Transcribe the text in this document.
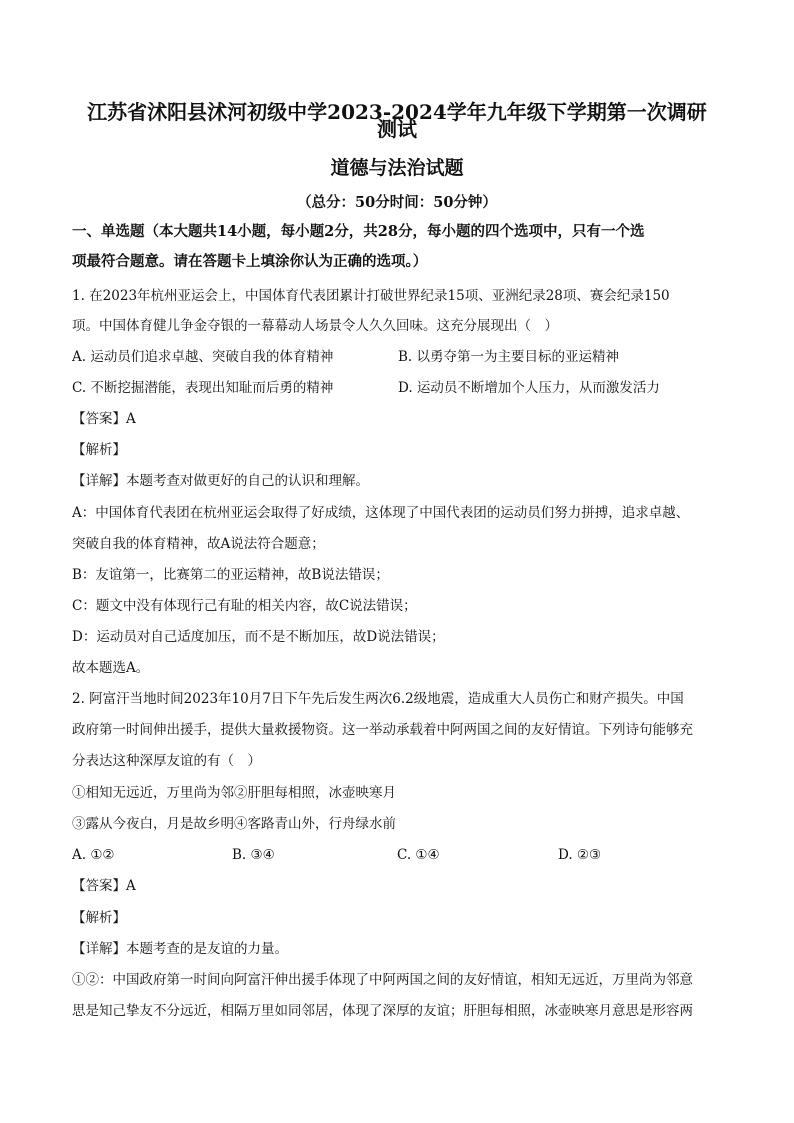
江苏省沭阳县沭河初级中学2023-2024学年九年级下学期第一次调研
测试
道德与法治试题
（总分：50分时间：50分钟）
一、单选题（本大题共14小题，每小题2分，共28分，每小题的四个选项中，只有一个选
项最符合题意。请在答题卡上填涂你认为正确的选项。）
1. 在2023年杭州亚运会上，中国体育代表团累计打破世界纪录15项、亚洲纪录28项、赛会纪录150
项。中国体育健儿争金夺银的一幕幕动人场景令人久久回味。这充分展现出（　）
A. 运动员们追求卓越、突破自我的体育精神	B. 以勇夺第一为主要目标的亚运精神
C. 不断挖掘潜能，表现出知耻而后勇的精神	D. 运动员不断增加个人压力，从而激发活力
【答案】A
【解析】
【详解】本题考查对做更好的自己的认识和理解。
A：中国体育代表团在杭州亚运会取得了好成绩，这体现了中国代表团的运动员们努力拼搏，追求卓越、
突破自我的体育精神，故A说法符合题意；
B：友谊第一，比赛第二的亚运精神，故B说法错误；
C：题文中没有体现行己有耻的相关内容，故C说法错误；
D：运动员对自己适度加压，而不是不断加压，故D说法错误；
故本题选A。
2. 阿富汗当地时间2023年10月7日下午先后发生两次6.2级地震，造成重大人员伤亡和财产损失。中国
政府第一时间伸出援手，提供大量救援物资。这一举动承载着中阿两国之间的友好情谊。下列诗句能够充
分表达这种深厚友谊的有（　）
①相知无远近，万里尚为邻②肝胆每相照，冰壶映寒月
③露从今夜白，月是故乡明④客路青山外，行舟绿水前
A. ①②	B. ③④	C. ①④	D. ②③
【答案】A
【解析】
【详解】本题考查的是友谊的力量。
①②：中国政府第一时间向阿富汗伸出援手体现了中阿两国之间的友好情谊，相知无远近，万里尚为邻意
思是知己挚友不分远近，相隔万里如同邻居，体现了深厚的友谊；肝胆每相照，冰壶映寒月意思是形容两
